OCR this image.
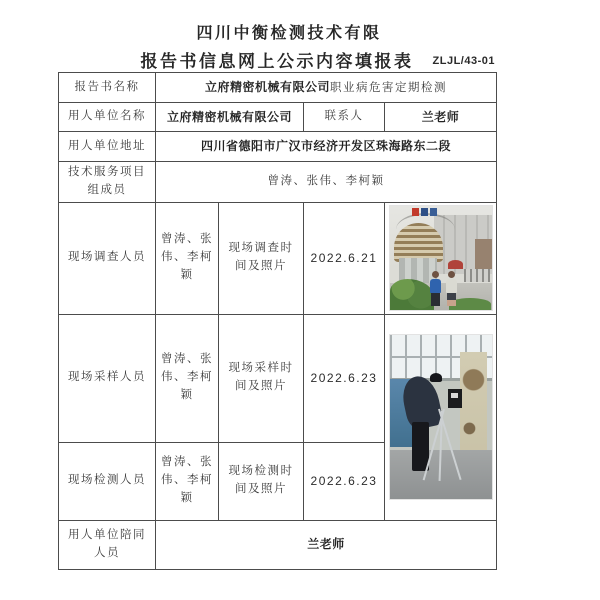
四川中衡检测技术有限
报告书信息网上公示内容填报表	ZLJL/43-01
报告书名称	立府精密机械有限公司职业病危害定期检测			
用人单位名称	立府精密机械有限公司		联系人	兰老师
用人单位地址	四川省德阳市广汉市经济开发区珠海路东二段			
技术服务项目组成员	曾涛、张伟、李柯颖			
现场调查人员	曾涛、张伟、李柯颖	现场调查时间及照片	2022.6.21	

现场采样人员	曾涛、张伟、李柯颖	现场采样时间及照片	2022.6.23	

现场检测人员	曾涛、张伟、李柯颖	现场检测时间及照片	2022.6.23	
用人单位陪同人员	兰老师			
